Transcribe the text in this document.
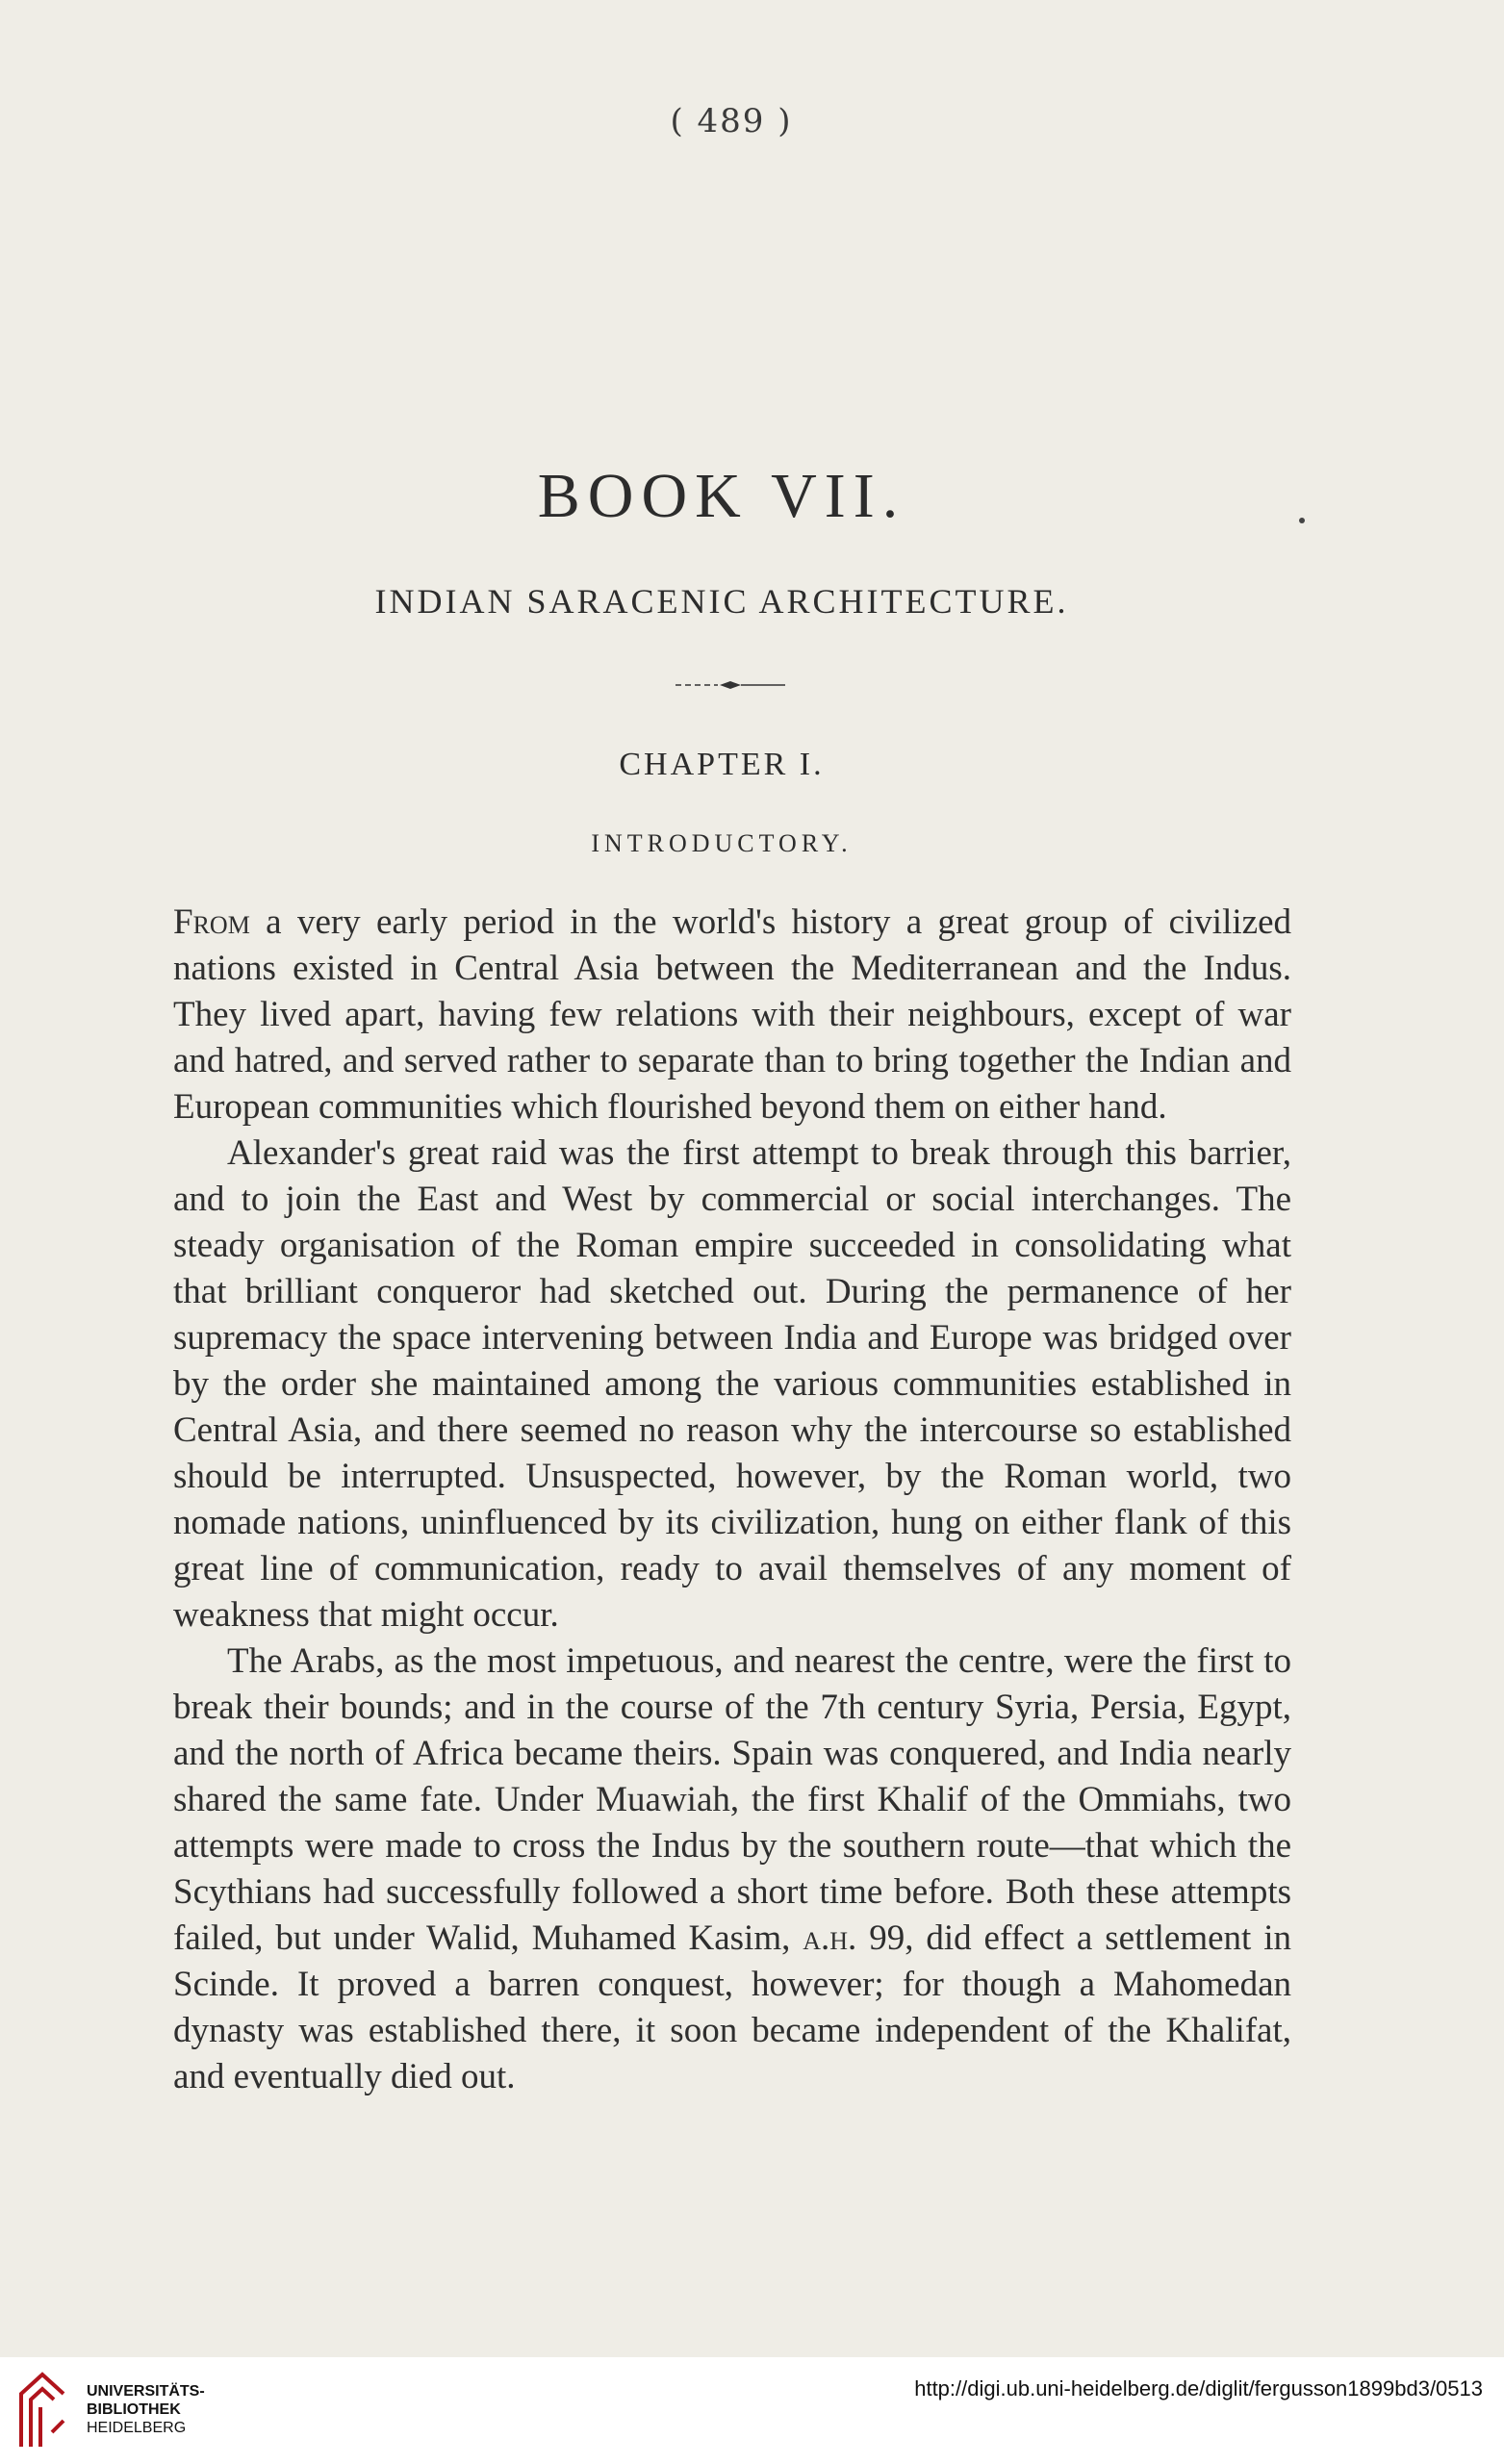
( 489 )
BOOK VII.
INDIAN SARACENIC ARCHITECTURE.
CHAPTER I.
INTRODUCTORY.

From a very early period in the world's history a great group of civilized nations existed in Central Asia between the Mediterranean and the Indus. They lived apart, having few relations with their neighbours, except of war and hatred, and served rather to separate than to bring together the Indian and European communities which flourished beyond them on either hand.

Alexander's great raid was the first attempt to break through this barrier, and to join the East and West by commercial or social interchanges. The steady organisation of the Roman empire succeeded in consolidating what that brilliant conqueror had sketched out. During the permanence of her supremacy the space intervening between India and Europe was bridged over by the order she maintained among the various communities established in Central Asia, and there seemed no reason why the intercourse so established should be interrupted. Unsuspected, however, by the Roman world, two nomade nations, uninfluenced by its civilization, hung on either flank of this great line of communication, ready to avail themselves of any moment of weakness that might occur.

The Arabs, as the most impetuous, and nearest the centre, were the first to break their bounds; and in the course of the 7th century Syria, Persia, Egypt, and the north of Africa became theirs. Spain was conquered, and India nearly shared the same fate. Under Muawiah, the first Khalif of the Ommiahs, two attempts were made to cross the Indus by the southern route—that which the Scythians had successfully followed a short time before. Both these attempts failed, but under Walid, Muhamed Kasim, a.h. 99, did effect a settlement in Scinde. It proved a barren conquest, however; for though a Mahomedan dynasty was established there, it soon became independent of the Khalifat, and eventually died out.

UNIVERSITÄTS-
BIBLIOTHEK
HEIDELBERG
http://digi.ub.uni-heidelberg.de/diglit/fergusson1899bd3/0513
